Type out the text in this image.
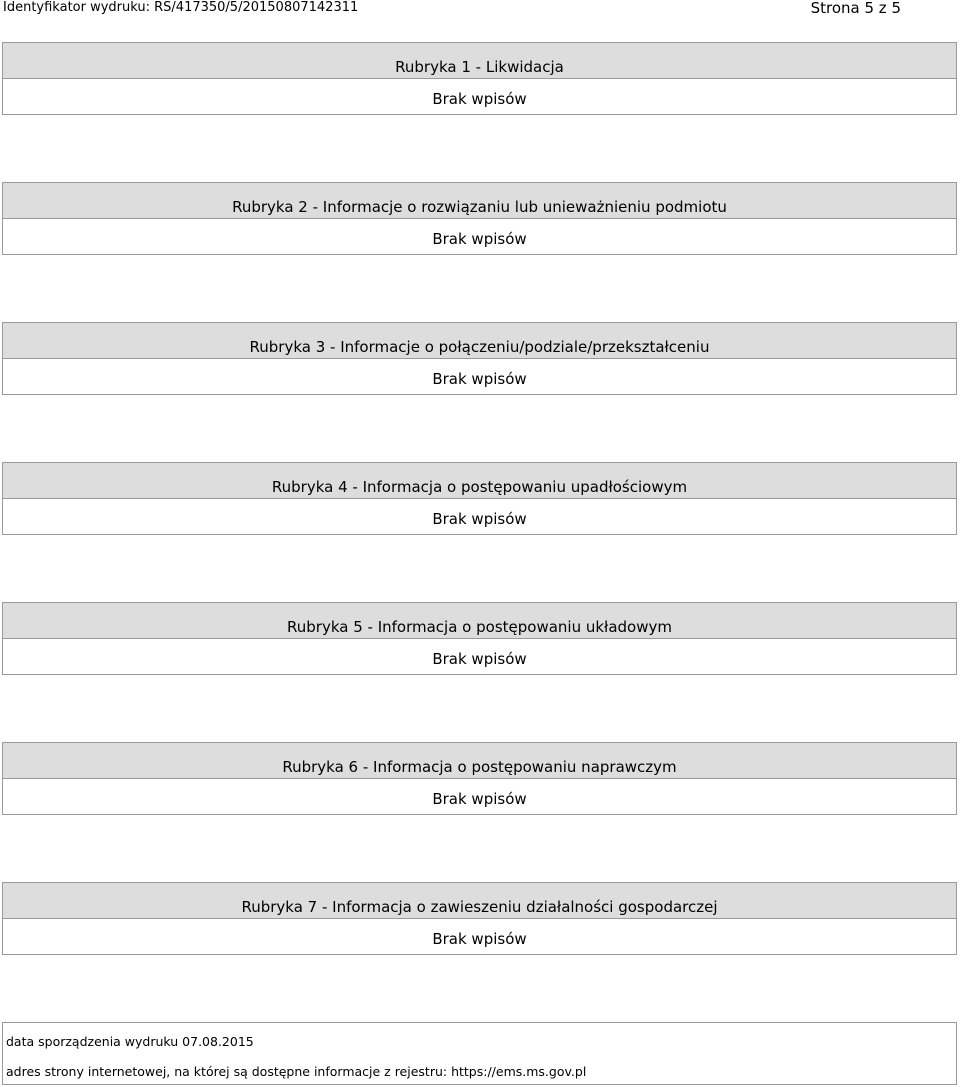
Identyfikator wydruku: RS/417350/5/20150807142311	Strona 5 z 5
Rubryka 1 - Likwidacja
Brak wpisów
Rubryka 2 - Informacje o rozwiązaniu lub unieważnieniu podmiotu
Brak wpisów
Rubryka 3 - Informacje o połączeniu/podziale/przekształceniu
Brak wpisów
Rubryka 4 - Informacja o postępowaniu upadłościowym
Brak wpisów
Rubryka 5 - Informacja o postępowaniu układowym
Brak wpisów
Rubryka 6 - Informacja o postępowaniu naprawczym
Brak wpisów
Rubryka 7 - Informacja o zawieszeniu działalności gospodarczej
Brak wpisów
data sporządzenia wydruku 07.08.2015
adres strony internetowej, na której są dostępne informacje z rejestru: https://ems.ms.gov.pl
